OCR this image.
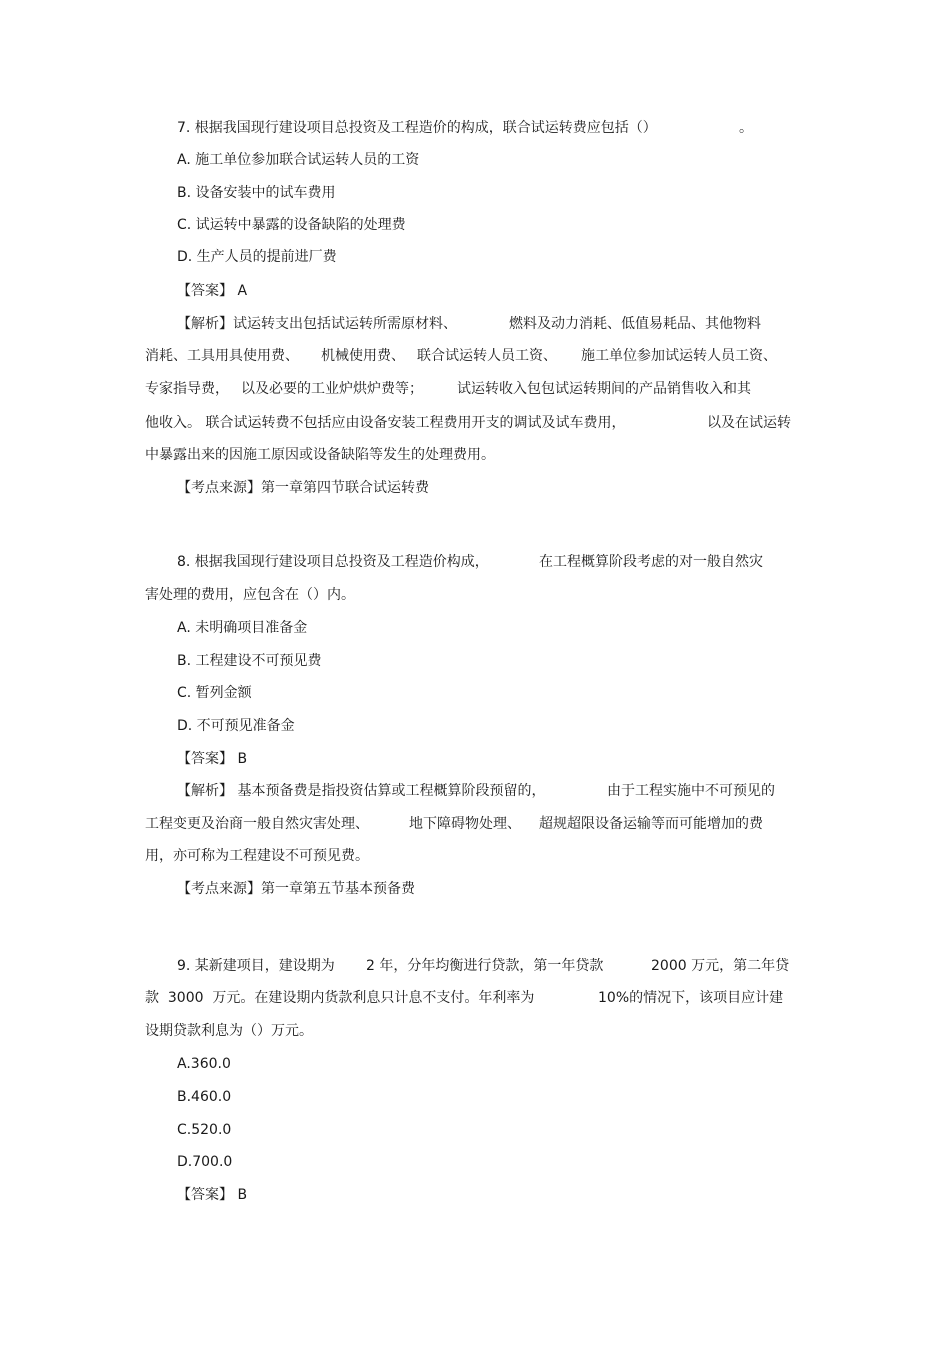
7. 根据我国现行建设项目总投资及工程造价的构成，联合试运转费应包括（）	。
A. 施工单位参加联合试运转人员的工资
B. 设备安装中的试车费用
C. 试运转中暴露的设备缺陷的处理费
D. 生产人员的提前进厂费
【答案】 A
【解析】试运转支出包括试运转所需原材料、	燃料及动力消耗、低值易耗品、其他物料
消耗、工具用具使用费、 机械使用费、 联合试运转人员工资、 施工单位参加试运转人员工资、
专家指导费， 以及必要的工业炉烘炉费等； 试运转收入包包试运转期间的产品销售收入和其
他收入。 联合试运转费不包括应由设备安装工程费用开支的调试及试车费用，	以及在试运转
中暴露出来的因施工原因或设备缺陷等发生的处理费用。
【考点来源】第一章第四节联合试运转费
8. 根据我国现行建设项目总投资及工程造价构成，	在工程概算阶段考虑的对一般自然灾
害处理的费用，应包含在（）内。
A. 未明确项目准备金
B. 工程建设不可预见费
C. 暂列金额
D. 不可预见准备金
【答案】 B
【解析】 基本预备费是指投资估算或工程概算阶段预留的，	由于工程实施中不可预见的
工程变更及治商一般自然灾害处理、	地下障碍物处理、 超规超限设备运输等而可能增加的费
用，亦可称为工程建设不可预见费。
【考点来源】第一章第五节基本预备费
9. 某新建项目，建设期为 2 年，分年均衡进行贷款，第一年贷款	2000 万元，第二年贷
款  3000  万元。在建设期内货款利息只计息不支付。年利率为	10%的情况下，该项目应计建
设期贷款利息为（）万元。
A.360.0
B.460.0
C.520.0
D.700.0
【答案】 B
